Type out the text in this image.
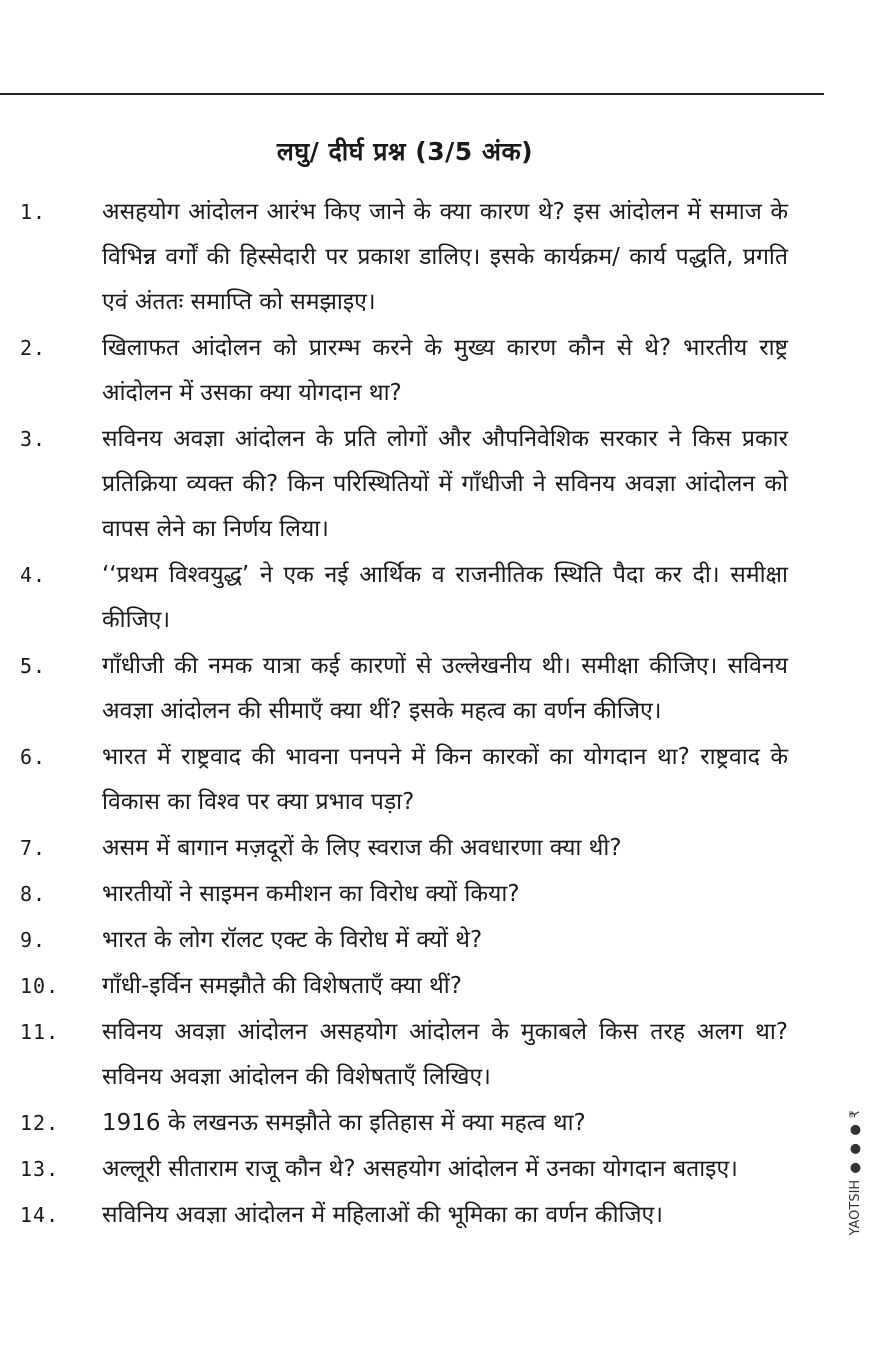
लघु/ दीर्घ प्रश्न (3/5 अंक)
1. असहयोग आंदोलन आरंभ किए जाने के क्या कारण थे? इस आंदोलन में समाज के विभिन्न वर्गों की हिस्सेदारी पर प्रकाश डालिए। इसके कार्यक्रम/ कार्य पद्धति, प्रगति एवं अंततः समाप्ति को समझाइए।
2. खिलाफत आंदोलन को प्रारम्भ करने के मुख्य कारण कौन से थे? भारतीय राष्ट्र आंदोलन में उसका क्या योगदान था?
3. सविनय अवज्ञा आंदोलन के प्रति लोगों और औपनिवेशिक सरकार ने किस प्रकार प्रतिक्रिया व्यक्त की? किन परिस्थितियों में गाँधीजी ने सविनय अवज्ञा आंदोलन को वापस लेने का निर्णय लिया।
4. ‘‘प्रथम विश्वयुद्ध’ ने एक नई आर्थिक व राजनीतिक स्थिति पैदा कर दी। समीक्षा कीजिए।
5. गाँधीजी की नमक यात्रा कई कारणों से उल्लेखनीय थी। समीक्षा कीजिए। सविनय अवज्ञा आंदोलन की सीमाएँ क्या थीं? इसके महत्व का वर्णन कीजिए।
6. भारत में राष्ट्रवाद की भावना पनपने में किन कारकों का योगदान था? राष्ट्रवाद के विकास का विश्व पर क्या प्रभाव पड़ा?
7. असम में बागान मज़दूरों के लिए स्वराज की अवधारणा क्या थी?
8. भारतीयों ने साइमन कमीशन का विरोध क्यों किया?
9. भारत के लोग रॉलट एक्ट के विरोध में क्यों थे?
10. गाँधी-इर्विन समझौते की विशेषताएँ क्या थीं?
11. सविनय अवज्ञा आंदोलन असहयोग आंदोलन के मुकाबले किस तरह अलग था? सविनय अवज्ञा आंदोलन की विशेषताएँ लिखिए।
12. 1916 के लखनऊ समझौते का इतिहास में क्या महत्व था?
13. अल्लूरी सीताराम राजू कौन थे? असहयोग आंदोलन में उनका योगदान बताइए।
14. सविनिय अवज्ञा आंदोलन में महिलाओं की भूमिका का वर्णन कीजिए।	YAOTSIH ● ● ● ₹
